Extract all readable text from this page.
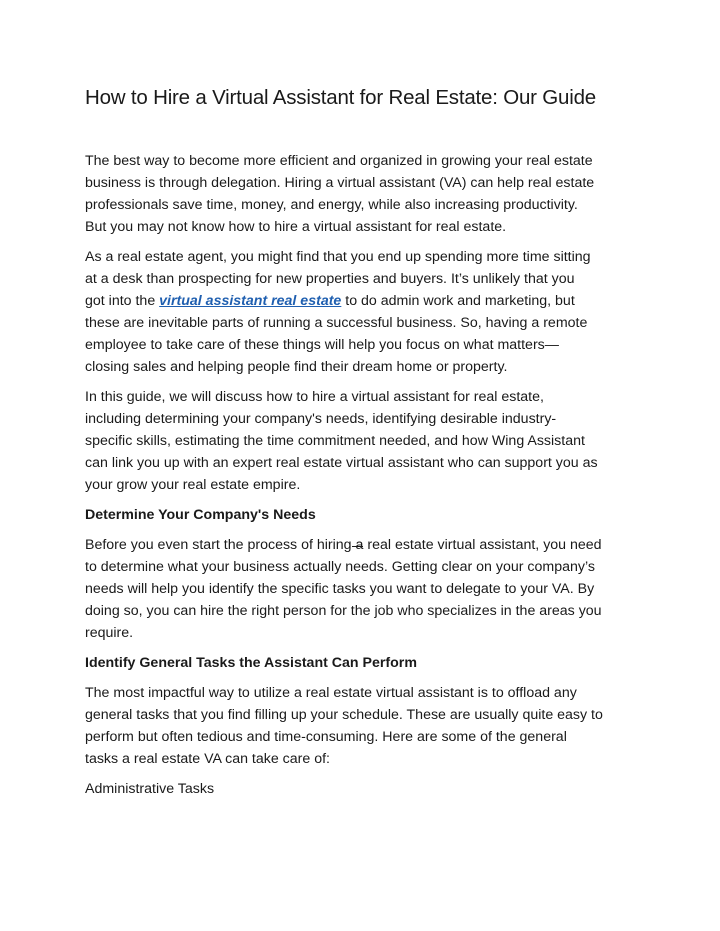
How to Hire a Virtual Assistant for Real Estate: Our Guide

The best way to become more efficient and organized in growing your real estate
business is through delegation. Hiring a virtual assistant (VA) can help real estate
professionals save time, money, and energy, while also increasing productivity.
But you may not know how to hire a virtual assistant for real estate.

As a real estate agent, you might find that you end up spending more time sitting
at a desk than prospecting for new properties and buyers. It’s unlikely that you
got into the virtual assistant real estate to do admin work and marketing, but
these are inevitable parts of running a successful business. So, having a remote
employee to take care of these things will help you focus on what matters—
closing sales and helping people find their dream home or property.

In this guide, we will discuss how to hire a virtual assistant for real estate,
including determining your company's needs, identifying desirable industry-
specific skills, estimating the time commitment needed, and how Wing Assistant
can link you up with an expert real estate virtual assistant who can support you as
your grow your real estate empire.

Determine Your Company's Needs

Before you even start the process of hiring a real estate virtual assistant, you need
to determine what your business actually needs. Getting clear on your company’s
needs will help you identify the specific tasks you want to delegate to your VA. By
doing so, you can hire the right person for the job who specializes in the areas you
require.

Identify General Tasks the Assistant Can Perform

The most impactful way to utilize a real estate virtual assistant is to offload any
general tasks that you find filling up your schedule. These are usually quite easy to
perform but often tedious and time-consuming. Here are some of the general
tasks a real estate VA can take care of:

Administrative Tasks
